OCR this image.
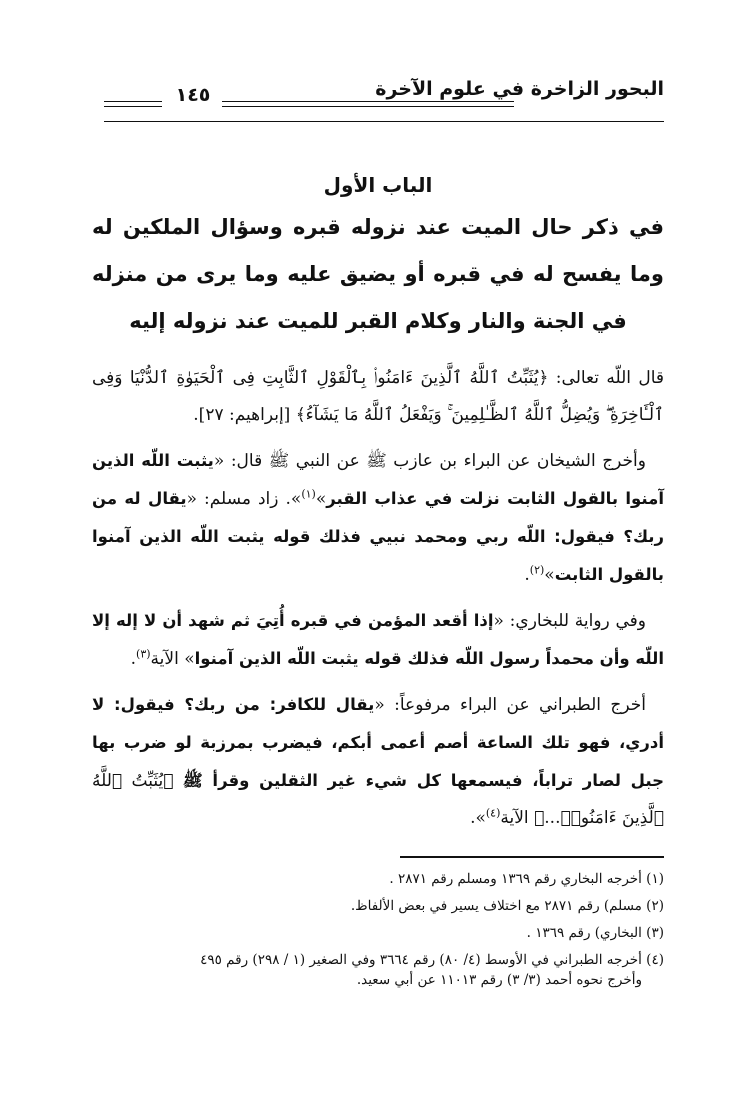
البحور الزاخرة في علوم الآخرة
١٤٥
الباب الأول
في ذكر حال الميت عند نزوله قبره وسؤال الملكين له وما يفسح له في قبره أو يضيق عليه وما يرى من منزله في الجنة والنار وكلام القبر للميت عند نزوله إليه

قال اللّه تعالى: ﴿يُثَبِّتُ ٱللَّهُ ٱلَّذِينَ ءَامَنُوا۟ بِٱلْقَوْلِ ٱلثَّابِتِ فِى ٱلْحَيَوٰةِ ٱلدُّنْيَا وَفِى ٱلْـَٔاخِرَةِ ۖ وَيُضِلُّ ٱللَّهُ ٱلظَّـٰلِمِينَ ۚ وَيَفْعَلُ ٱللَّهُ مَا يَشَآءُ﴾ [إبراهيم: ٢٧].

وأخرج الشيخان عن البراء بن عازب ﷺ عن النبي ﷺ قال: «يثبت اللّه الذين آمنوا بالقول الثابت نزلت في عذاب القبر»$^{(١)}$». زاد مسلم: «يقال له من ربك؟ فيقول: اللّه ربي ومحمد نبيي فذلك قوله يثبت اللّه الذين آمنوا بالقول الثابت»$^{(٢)}$.

وفي رواية للبخاري: «إذا أقعد المؤمن في قبره أُتِيَ ثم شهد أن لا إله إلا اللّه وأن محمداً رسول اللّه فذلك قوله يثبت اللّه الذين آمنوا» الآية$^{(٣)}$.

أخرج الطبراني عن البراء مرفوعاً: «يقال للكافر: من ربك؟ فيقول: لا أدري، فهو تلك الساعة أصم أعمى أبكم، فيضرب بمرزبة لو ضرب بها جبل لصار تراباً، فيسمعها كل شيء غير الثقلين وقرأ ﷺ ﴿يُثَبِّتُ ٱللَّهُ ٱلَّذِينَ ءَامَنُوا۟...﴾ الآية$^{(٤)}$».

(١) أخرجه البخاري رقم ١٣٦٩ ومسلم رقم ٢٨٧١ .

(٢) مسلم) رقم ٢٨٧١ مع اختلاف يسير في بعض الألفاظ.

(٣) البخاري) رقم ١٣٦٩ .

(٤) أخرجه الطبراني في الأوسط (٤/ ٨٠) رقم ٣٦٦٤ وفي الصغير (١ / ٢٩٨) رقم ٤٩٥

وأخرج نحوه أحمد (٣/ ٣) رقم ١١٠١٣ عن أبي سعيد.
